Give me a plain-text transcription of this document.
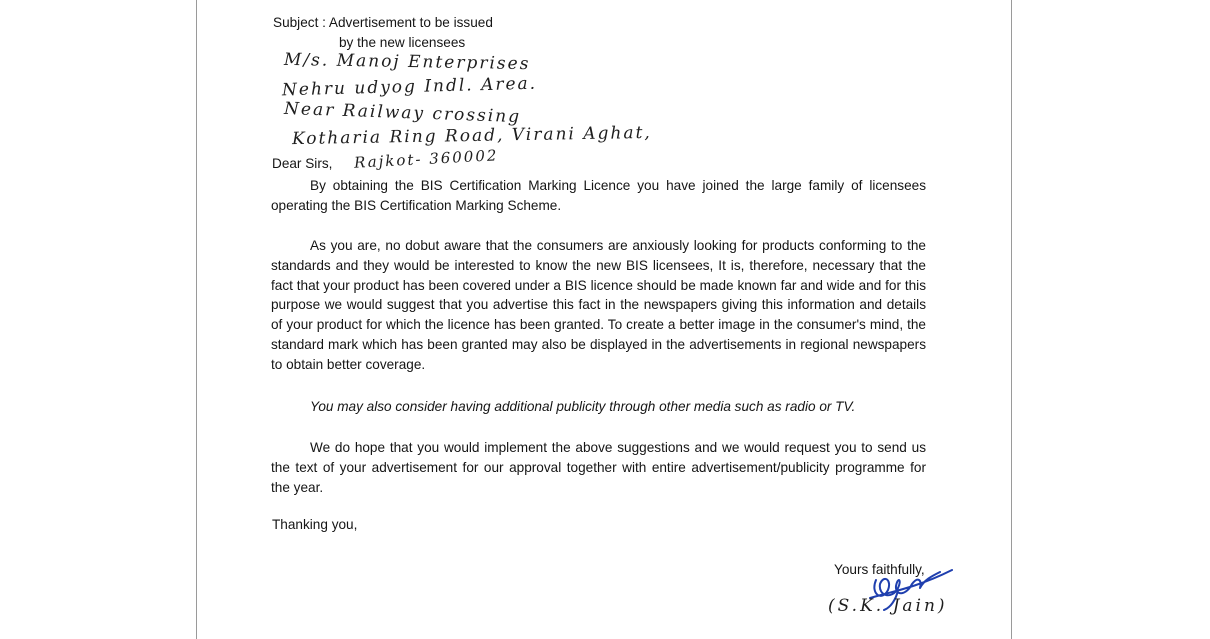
Subject : Advertisement to be issued
by the new licensees
M/s. Manoj Enterprises
Nehru udyog Indl. Area.
Near Railway crossing
Kotharia Ring Road, Virani Aghat,
Rajkot- 360002
Dear Sirs,
By obtaining the BIS Certification Marking Licence you have joined the large family of licensees operating the BIS Certification Marking Scheme.
As you are, no dobut aware that the consumers are anxiously looking for products conforming to the standards and they would be interested to know the new BIS licensees, It is, therefore, necessary that the fact that your product has been covered under a BIS licence should be made known far and wide and for this purpose we would suggest that you advertise this fact in the newspapers giving this information and details of your product for which the licence has been granted. To create a better image in the consumer's mind, the standard mark which has been granted may also be displayed in the advertisements in regional newspapers to obtain better coverage.
You may also consider having additional publicity through other media such as radio or TV.
We do hope that you would implement the above suggestions and we would request you to send us the text of your advertisement for our approval together with entire advertisement/publicity programme for the year.
Thanking you,
Yours faithfully,
(S.K. Jain)
